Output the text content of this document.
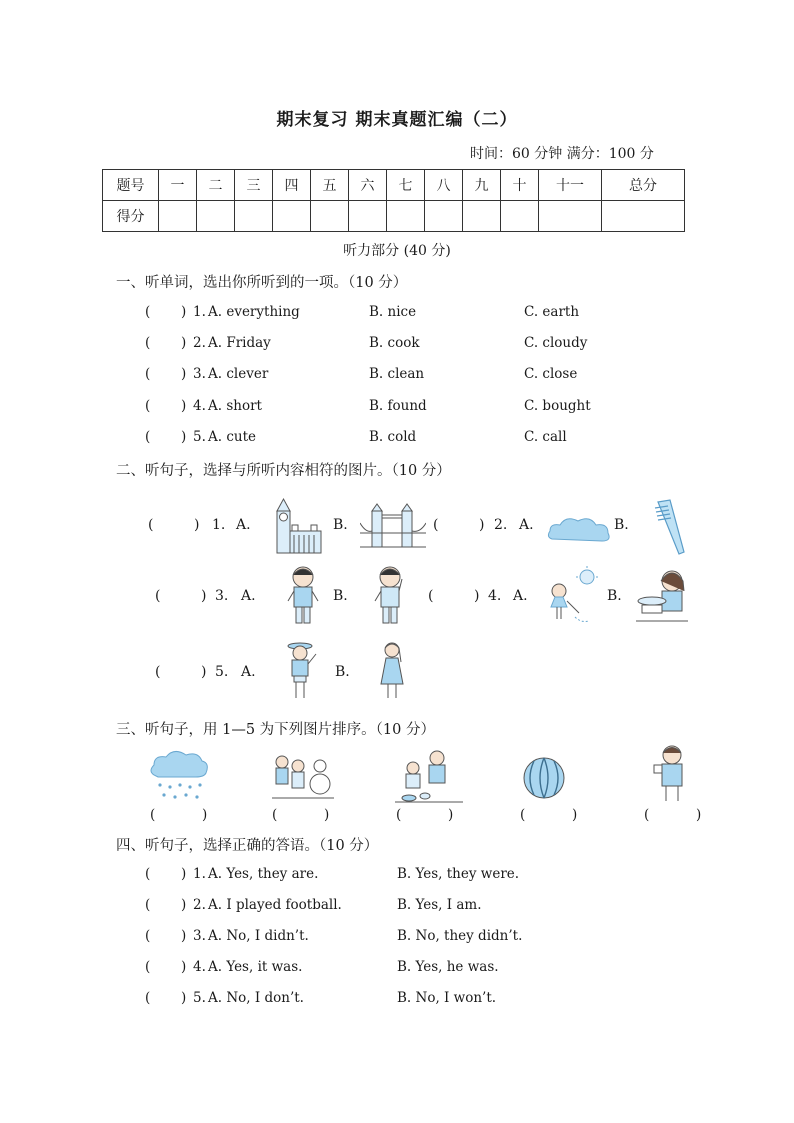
期末复习 期末真题汇编（二）
时间：60 分钟 满分：100 分
题号	一	二	三	四	五	六	七	八	九	十	十一	总分
得分												
听力部分 (40 分)
一、听单词，选出你所听到的一项。（10 分）
( ) 1. A. everything	B. nice	C. earth
( ) 2. A. Friday	B. cook	C. cloudy
( ) 3. A. clever	B. clean	C. close
( ) 4. A. short	B. found	C. bought
( ) 5. A. cute	B. cold	C. call
二、听句子，选择与所听内容相符的图片。（10 分）
(	) 1. A.	B.	(	) 2. A.	B.
(	) 3. A.	B.	(	) 4. A.	B.
(	) 5. A.	B.
三、听句子，用 1—5 为下列图片排序。（10 分）
(	)	(	)	(	)	(	)	(	)
四、听句子，选择正确的答语。（10 分）
( ) 1. A. Yes, they are.	B. Yes, they were.
( ) 2. A. I played football.	B. Yes, I am.
( ) 3. A. No, I didn’t.	B. No, they didn’t.
( ) 4. A. Yes, it was.	B. Yes, he was.
( ) 5. A. No, I don’t.	B. No, I won’t.
